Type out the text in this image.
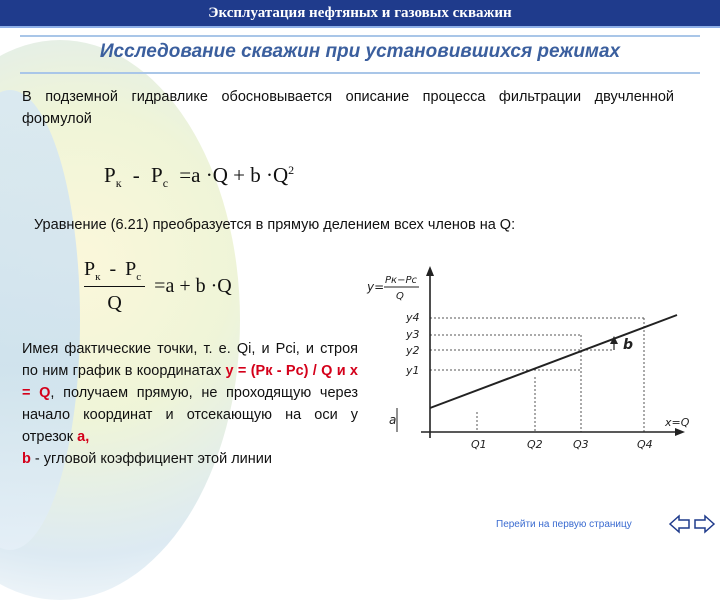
Эксплуатация нефтяных и газовых скважин
Исследование скважин при установившихся режимах
В подземной гидравлике обосновывается описание процесса фильтрации двучленной формулой
$P_к - P_с =a \cdot Q + b \cdot Q^2$
Уравнение (6.21) преобразуется в прямую делением всех членов на Q:
$\frac{P_к - P_с}{Q} =a + b \cdot Q$
Имея фактические точки, т. е. Qi, и Pci, и строя по ним график в координатах y = (Pк - Pc) / Q и x = Q, получаем прямую, не проходящую через начало координат и отсекающую на оси у отрезок a,
b - угловой коэффициент этой линии
y= Pк−Pc
Q
y4
y3
y2
y1
a
b
Q1	Q2	Q3	Q4
x=Q
Перейти на первую страницу
